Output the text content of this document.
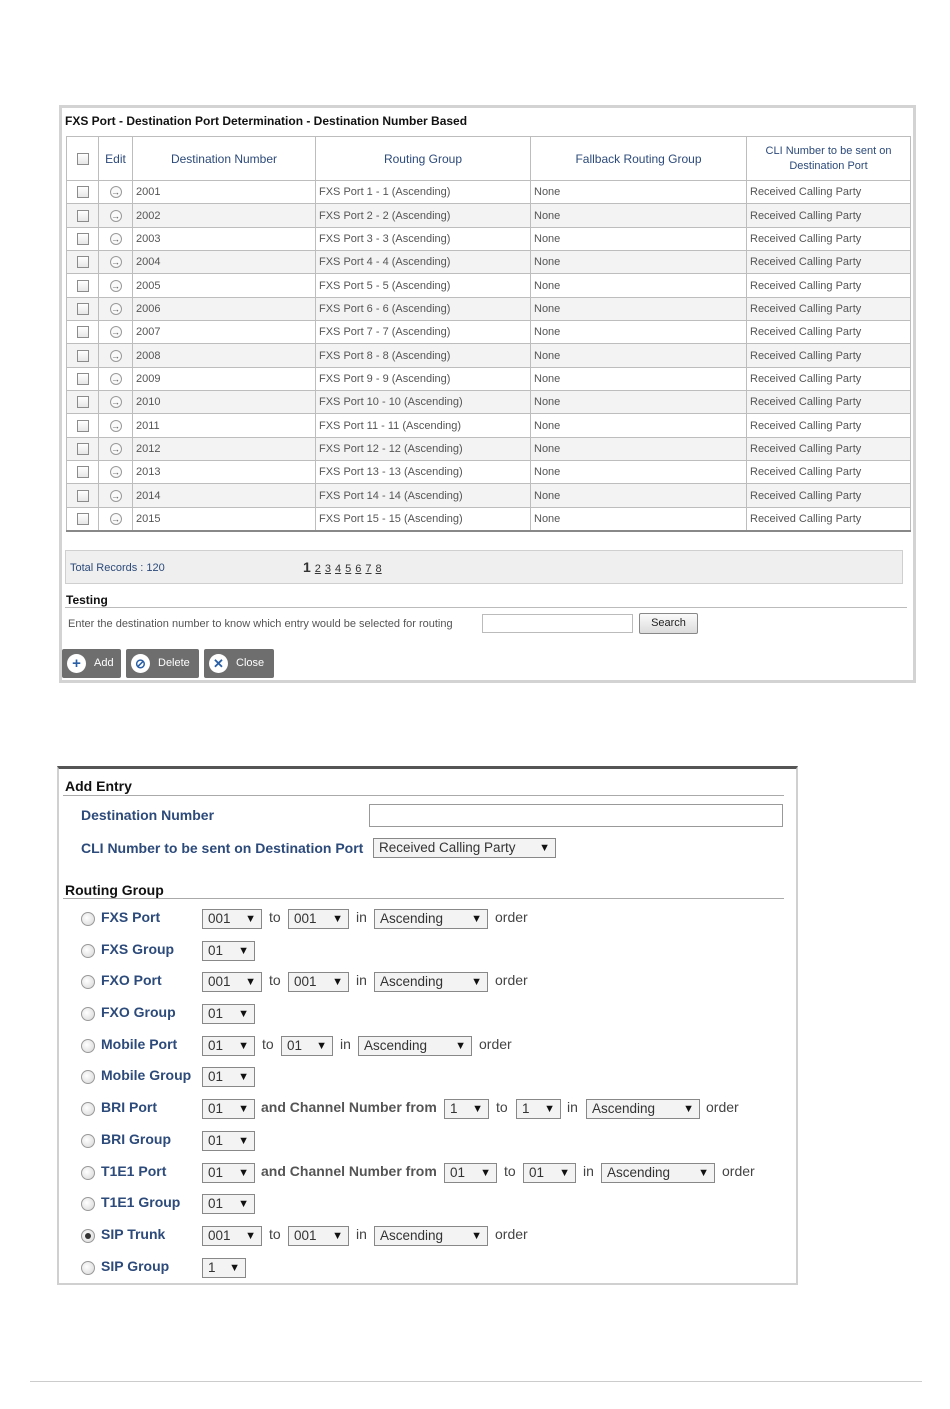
FXS Port - Destination Port Determination - Destination Number Based
	Edit	Destination Number	Routing Group	Fallback Routing Group	CLI Number to be sent on Destination Port
	→	2001	FXS Port 1 - 1 (Ascending)	None	Received Calling Party
	→	2002	FXS Port 2 - 2 (Ascending)	None	Received Calling Party
	→	2003	FXS Port 3 - 3 (Ascending)	None	Received Calling Party
	→	2004	FXS Port 4 - 4 (Ascending)	None	Received Calling Party
	→	2005	FXS Port 5 - 5 (Ascending)	None	Received Calling Party
	→	2006	FXS Port 6 - 6 (Ascending)	None	Received Calling Party
	→	2007	FXS Port 7 - 7 (Ascending)	None	Received Calling Party
	→	2008	FXS Port 8 - 8 (Ascending)	None	Received Calling Party
	→	2009	FXS Port 9 - 9 (Ascending)	None	Received Calling Party
	→	2010	FXS Port 10 - 10 (Ascending)	None	Received Calling Party
	→	2011	FXS Port 11 - 11 (Ascending)	None	Received Calling Party
	→	2012	FXS Port 12 - 12 (Ascending)	None	Received Calling Party
	→	2013	FXS Port 13 - 13 (Ascending)	None	Received Calling Party
	→	2014	FXS Port 14 - 14 (Ascending)	None	Received Calling Party
	→	2015	FXS Port 15 - 15 (Ascending)	None	Received Calling Party
Total Records : 120	1 2 3 4 5 6 7 8
Testing
Enter the destination number to know which entry would be selected for routing	Search
+	Add	⊘	Delete	✕	Close
Add Entry
Destination Number
CLI Number to be sent on Destination Port	Received Calling Party ▼
Routing Group
FXS Port	001 ▼ to 001 ▼ in Ascending	▼ order
FXS Group	01 ▼
FXO Port	001 ▼ to 001 ▼ in Ascending	▼ order
FXO Group	01 ▼
Mobile Port	01 ▼ to 01 ▼ in Ascending	▼ order
Mobile Group	01 ▼
BRI Port	01 ▼ and Channel Number from 1 ▼ to	1 ▼ in	Ascending	▼ order
BRI Group	01 ▼
T1E1 Port	01 ▼ and Channel Number from 01 ▼ to 01 ▼ in Ascending	▼ order
T1E1 Group	01 ▼
SIP Trunk	001 ▼ to 001 ▼ in Ascending	▼ order
SIP Group	1 ▼
